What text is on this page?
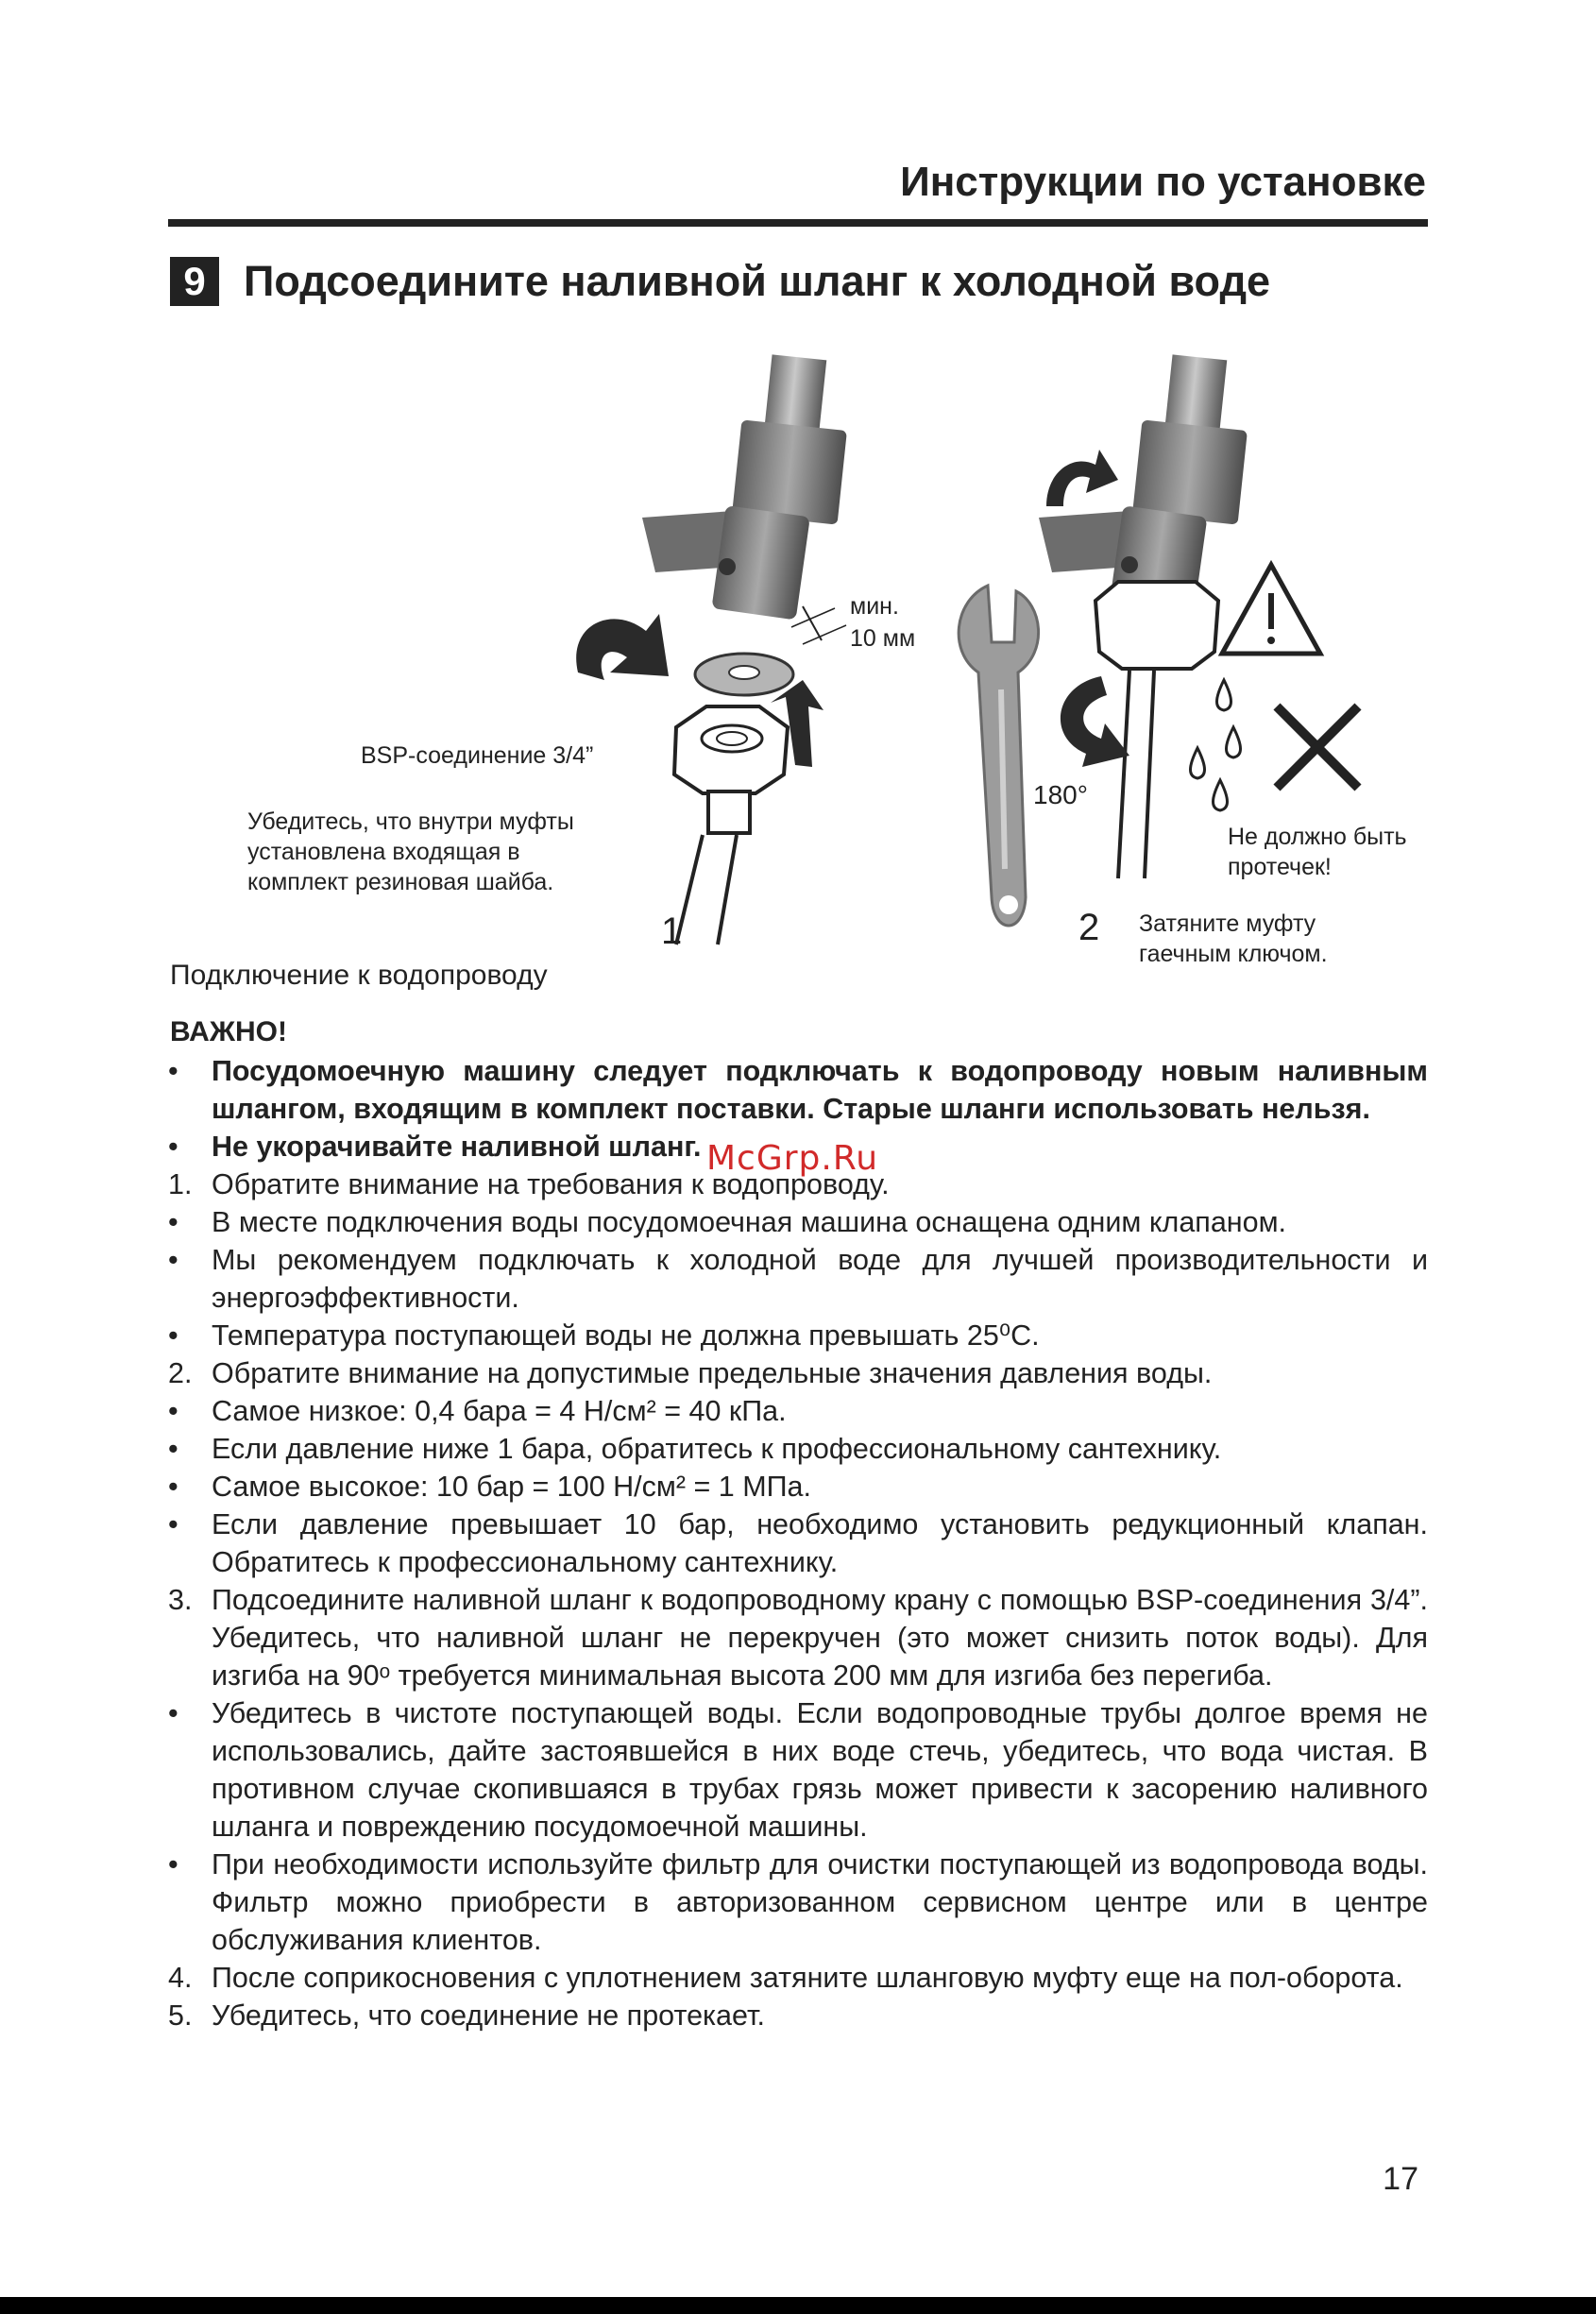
Инструкции по установке
9 Подсоедините наливной шланг к холодной воде
мин.
10 мм
BSP-соединение 3/4”
Убедитесь, что внутри муфты
установлена входящая в
комплект резиновая шайба.
1
180°
Не должно быть
протечек!
2 Затяните муфту
гаечным ключом.
Подключение к водопроводу
ВАЖНО!
•	Посудомоечную машину следует подключать к водопроводу новым наливным шлангом, входящим в комплект поставки. Старые шланги использовать нельзя.
•	Не укорачивайте наливной шланг.
1. Обратите внимание на требования к водопроводу.
•	В месте подключения воды посудомоечная машина оснащена одним клапаном.
•	Мы рекомендуем подключать к холодной воде для лучшей производительности и энергоэффективности.
•	Температура поступающей воды не должна превышать 25⁰С.
2. Обратите внимание на допустимые предельные значения давления воды.
•	Самое низкое: 0,4 бара = 4 Н/см² = 40 кПа.
•	Если давление ниже 1 бара, обратитесь к профессиональному сантехнику.
•	Самое высокое: 10 бар = 100 Н/см² = 1 МПа.
•	Если давление превышает 10 бар, необходимо установить редукционный клапан. Обратитесь к профессиональному сантехнику.
3. Подсоедините наливной шланг к водопроводному крану с помощью BSP-соединения 3/4”. Убедитесь, что наливной шланг не перекручен (это может снизить поток воды). Для изгиба на 90ᵒ требуется минимальная высота 200 мм для изгиба без перегиба.
•	Убедитесь в чистоте поступающей воды. Если водопроводные трубы долгое время не использовались, дайте застоявшейся в них воде стечь, убедитесь, что вода чистая. В противном случае скопившаяся в трубах грязь может привести к засорению наливного шланга и повреждению посудомоечной машины.
•	При необходимости используйте фильтр для очистки поступающей из водопровода воды. Фильтр можно приобрести в авторизованном сервисном центре или в центре обслуживания клиентов.
4. После соприкосновения с уплотнением затяните шланговую муфту еще на пол-оборота.
5. Убедитесь, что соединение не протекает.
McGrp.Ru
17
